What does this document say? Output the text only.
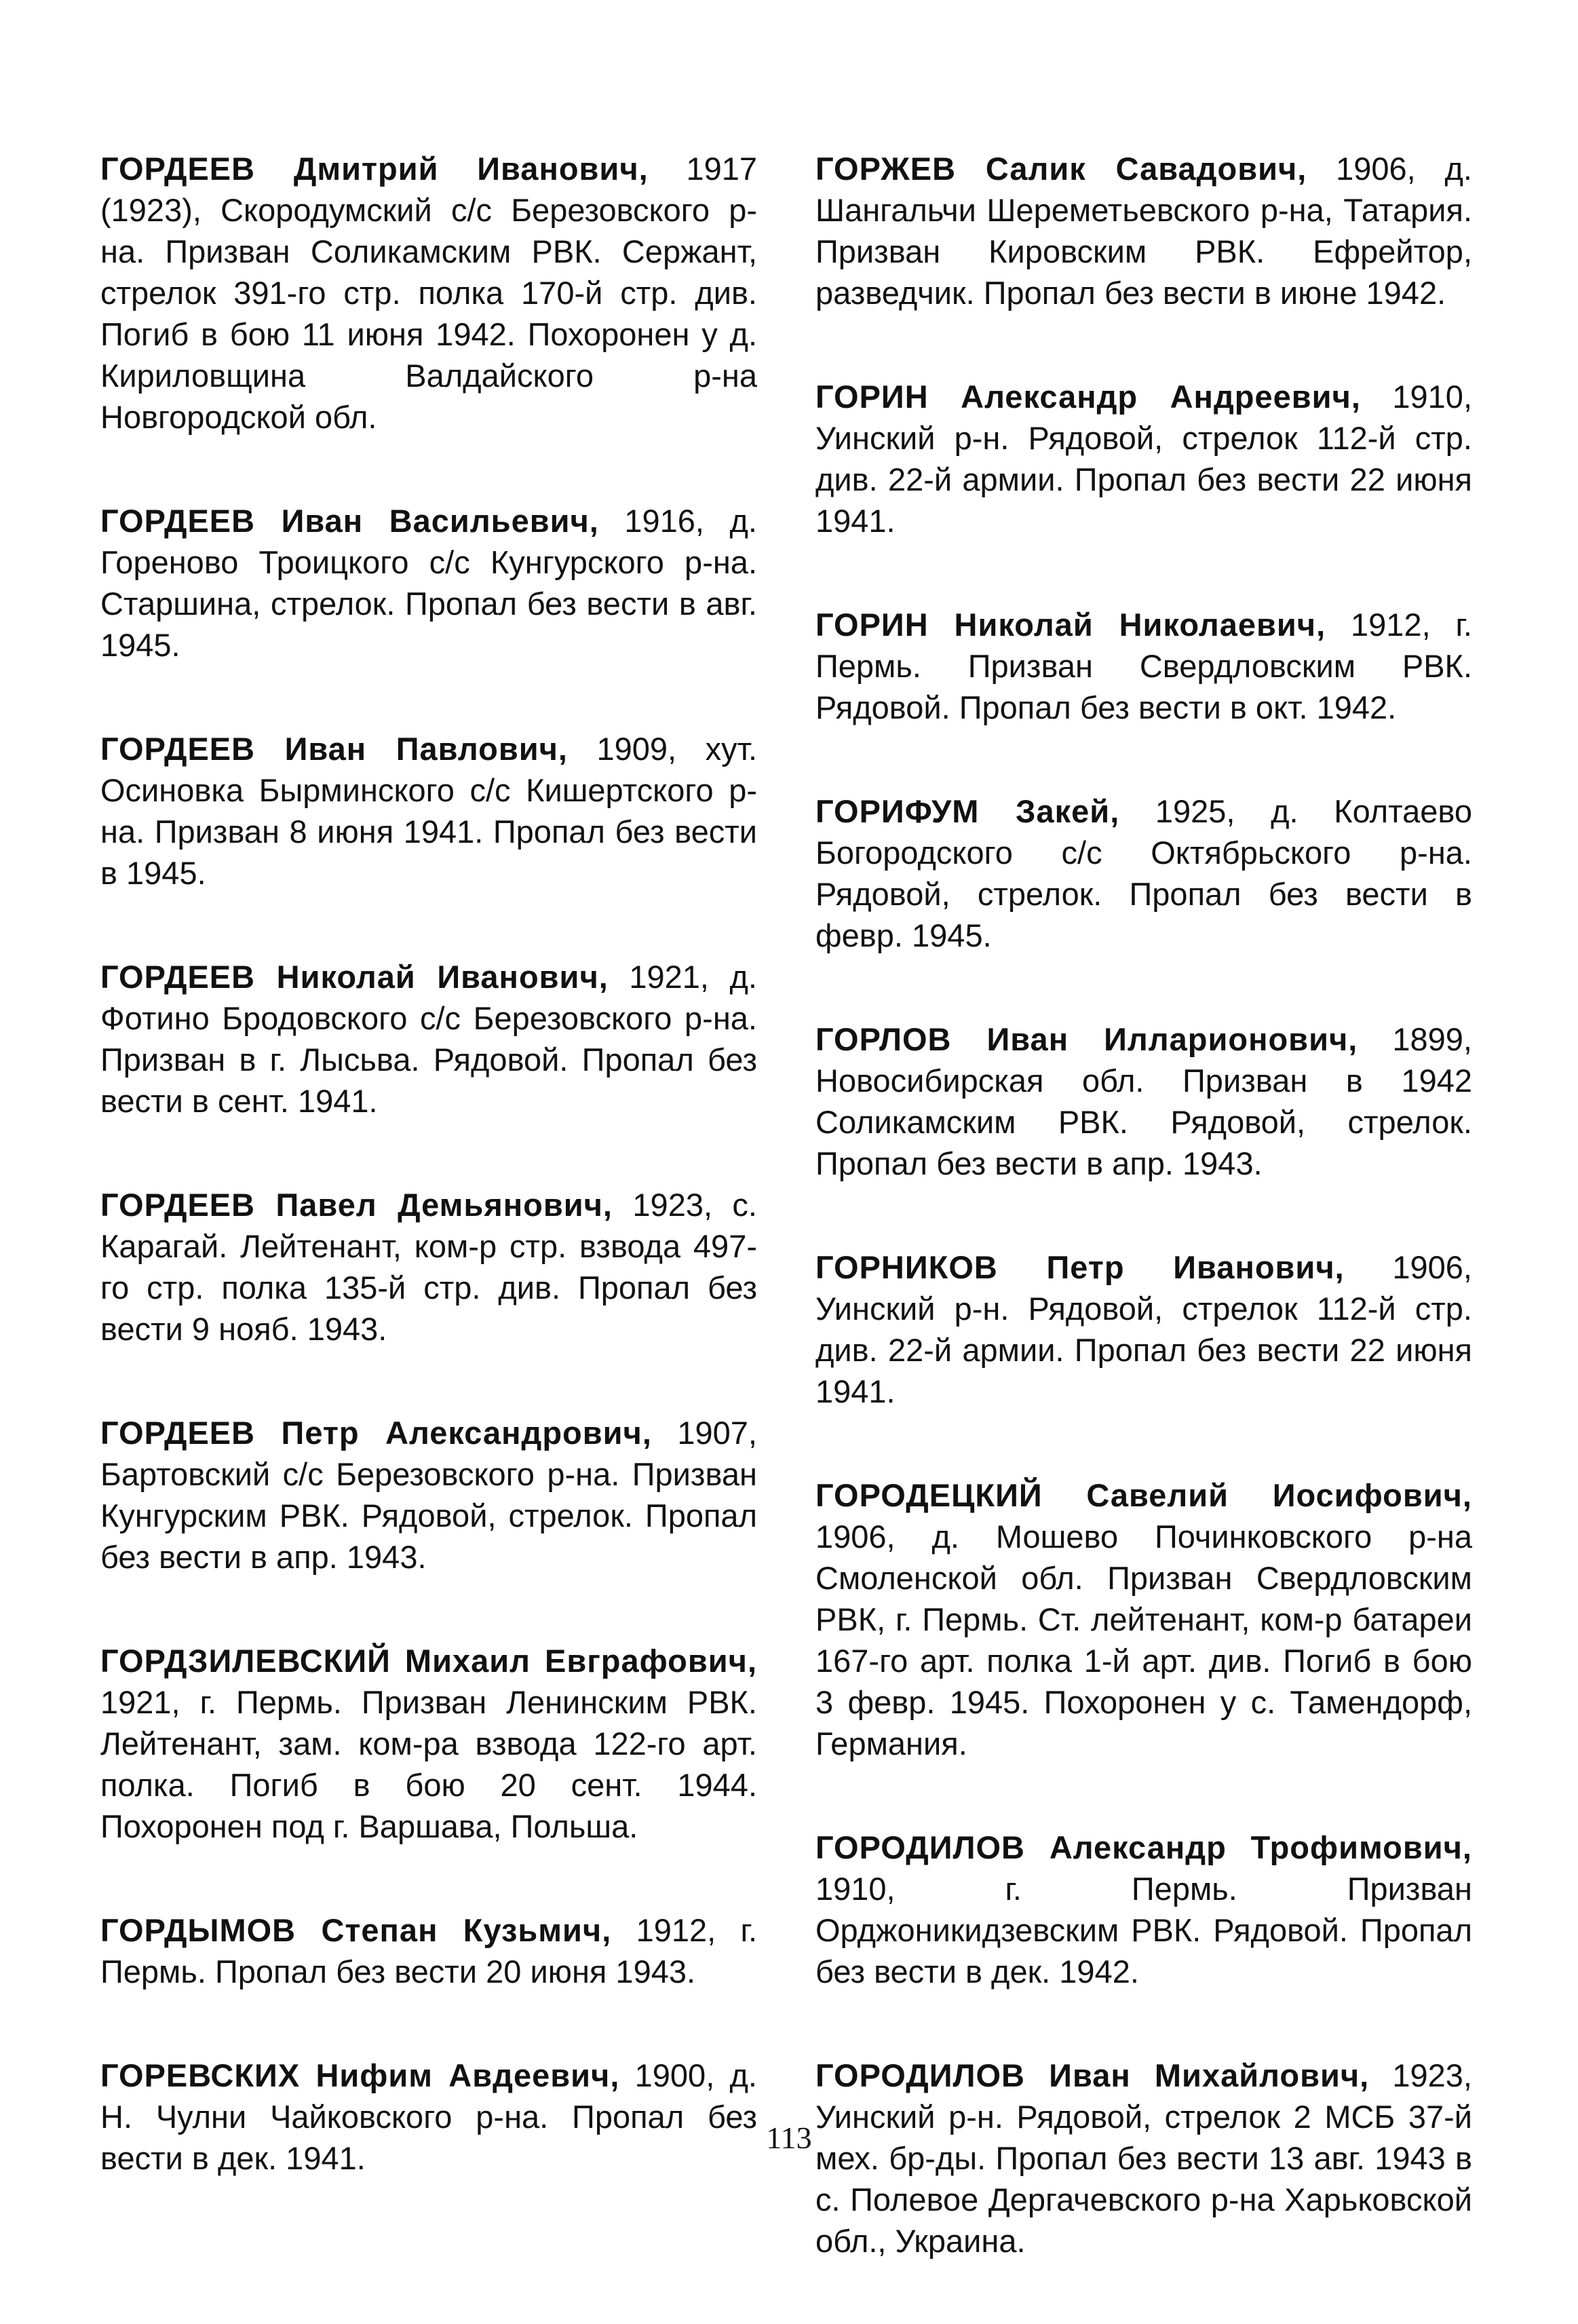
ГОРДЕЕВ Дмитрий Иванович, 1917 (1923), Скородумский с/с Березовского р-на. Призван Соликамским РВК. Сержант, стрелок 391-го стр. полка 170-й стр. див. Погиб в бою 11 июня 1942. Похоронен у д. Кириловщина Валдайского р-на Новгородской обл.

ГОРДЕЕВ Иван Васильевич, 1916, д. Гореново Троицкого с/с Кунгурского р-на. Старшина, стрелок. Пропал без вести в авг. 1945.

ГОРДЕЕВ Иван Павлович, 1909, хут. Осиновка Бырминского с/с Кишертского р-на. Призван 8 июня 1941. Пропал без вести в 1945.

ГОРДЕЕВ Николай Иванович, 1921, д. Фотино Бродовского с/с Березовского р-на. Призван в г. Лысьва. Рядовой. Пропал без вести в сент. 1941.

ГОРДЕЕВ Павел Демьянович, 1923, с. Карагай. Лейтенант, ком-р стр. взвода 497-го стр. полка 135-й стр. див. Пропал без вести 9 нояб. 1943.

ГОРДЕЕВ Петр Александрович, 1907, Бартовский с/с Березовского р-на. Призван Кунгурским РВК. Рядовой, стрелок. Пропал без вести в апр. 1943.

ГОРДЗИЛЕВСКИЙ Михаил Евграфович, 1921, г. Пермь. Призван Ленинским РВК. Лейтенант, зам. ком-ра взвода 122-го арт. полка. Погиб в бою 20 сент. 1944. Похоронен под г. Варшава, Польша.

ГОРДЫМОВ Степан Кузьмич, 1912, г. Пермь. Пропал без вести 20 июня 1943.

ГОРЕВСКИХ Нифим Авдеевич, 1900, д. Н. Чулни Чайковского р-на. Пропал без вести в дек. 1941.

ГОРЖЕВ Салик Савадович, 1906, д. Шангальчи Шереметьевского р-на, Татария. Призван Кировским РВК. Ефрейтор, разведчик. Пропал без вести в июне 1942.

ГОРИН Александр Андреевич, 1910, Уинский р-н. Рядовой, стрелок 112-й стр. див. 22-й армии. Пропал без вести 22 июня 1941.

ГОРИН Николай Николаевич, 1912, г. Пермь. Призван Свердловским РВК. Рядовой. Пропал без вести в окт. 1942.

ГОРИФУМ Закей, 1925, д. Колтаево Богородского с/с Октябрьского р-на. Рядовой, стрелок. Пропал без вести в февр. 1945.

ГОРЛОВ Иван Илларионович, 1899, Новосибирская обл. Призван в 1942 Соликамским РВК. Рядовой, стрелок. Пропал без вести в апр. 1943.

ГОРНИКОВ Петр Иванович, 1906, Уинский р-н. Рядовой, стрелок 112-й стр. див. 22-й армии. Пропал без вести 22 июня 1941.

ГОРОДЕЦКИЙ Савелий Иосифович, 1906, д. Мошево Починковского р-на Смоленской обл. Призван Свердловским РВК, г. Пермь. Ст. лейтенант, ком-р батареи 167-го арт. полка 1-й арт. див. Погиб в бою 3 февр. 1945. Похоронен у с. Тамендорф, Германия.

ГОРОДИЛОВ Александр Трофимович, 1910, г. Пермь. Призван Орджоникидзевским РВК. Рядовой. Пропал без вести в дек. 1942.

ГОРОДИЛОВ Иван Михайлович, 1923, Уинский р-н. Рядовой, стрелок 2 МСБ 37-й мех. бр-ды. Пропал без вести 13 авг. 1943 в с. Полевое Дергачевского р-на Харьковской обл., Украина.

113
